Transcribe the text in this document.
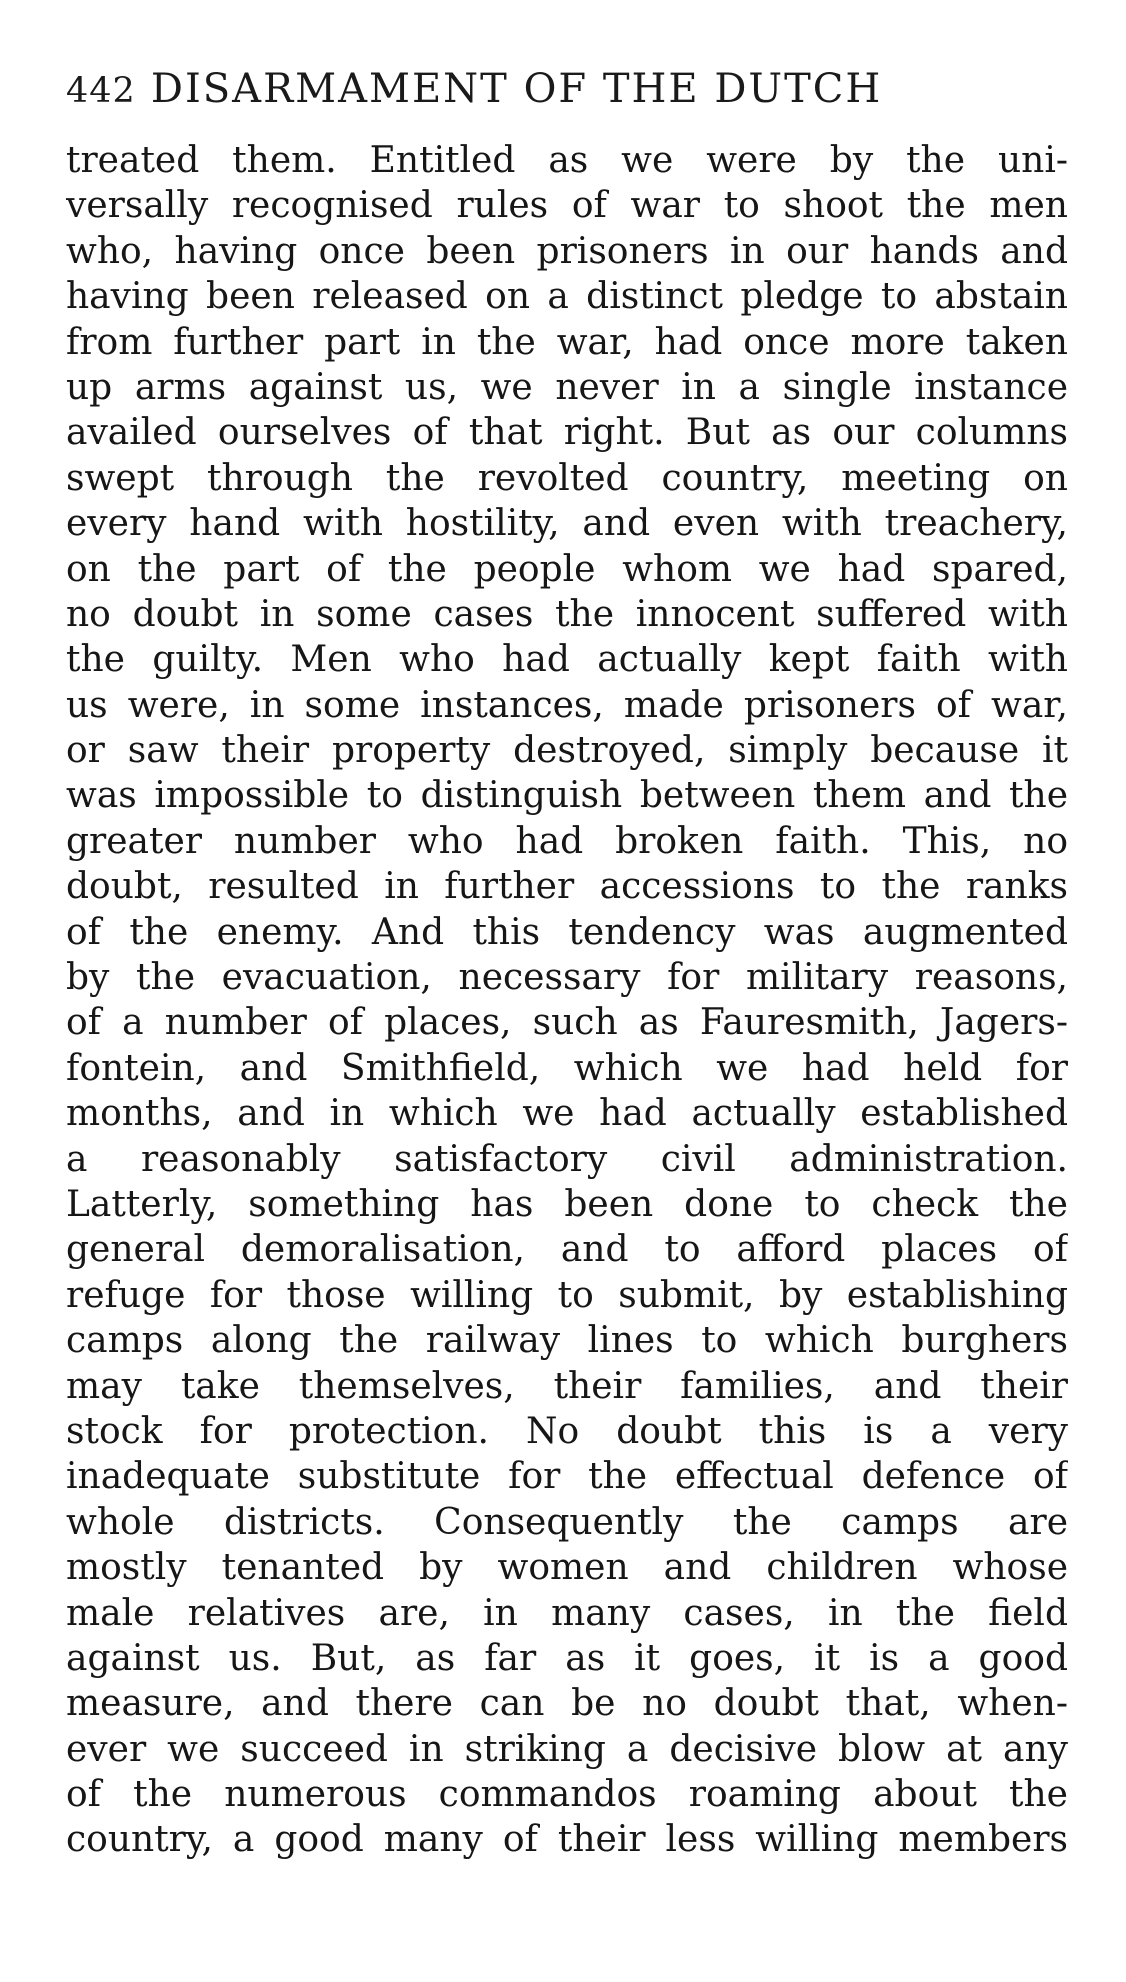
442 DISARMAMENT OF THE DUTCH
treated them. Entitled as we were by the uni-
versally recognised rules of war to shoot the men
who, having once been prisoners in our hands and
having been released on a distinct pledge to abstain
from further part in the war, had once more taken
up arms against us, we never in a single instance
availed ourselves of that right. But as our columns
swept through the revolted country, meeting on
every hand with hostility, and even with treachery,
on the part of the people whom we had spared,
no doubt in some cases the innocent suffered with
the guilty. Men who had actually kept faith with
us were, in some instances, made prisoners of war,
or saw their property destroyed, simply because it
was impossible to distinguish between them and the
greater number who had broken faith. This, no
doubt, resulted in further accessions to the ranks
of the enemy. And this tendency was augmented
by the evacuation, necessary for military reasons,
of a number of places, such as Fauresmith, Jagers-
fontein, and Smithfield, which we had held for
months, and in which we had actually established
a reasonably satisfactory civil administration.
Latterly, something has been done to check the
general demoralisation, and to afford places of
refuge for those willing to submit, by establishing
camps along the railway lines to which burghers
may take themselves, their families, and their
stock for protection. No doubt this is a very
inadequate substitute for the effectual defence of
whole districts. Consequently the camps are
mostly tenanted by women and children whose
male relatives are, in many cases, in the field
against us. But, as far as it goes, it is a good
measure, and there can be no doubt that, when-
ever we succeed in striking a decisive blow at any
of the numerous commandos roaming about the
country, a good many of their less willing members
